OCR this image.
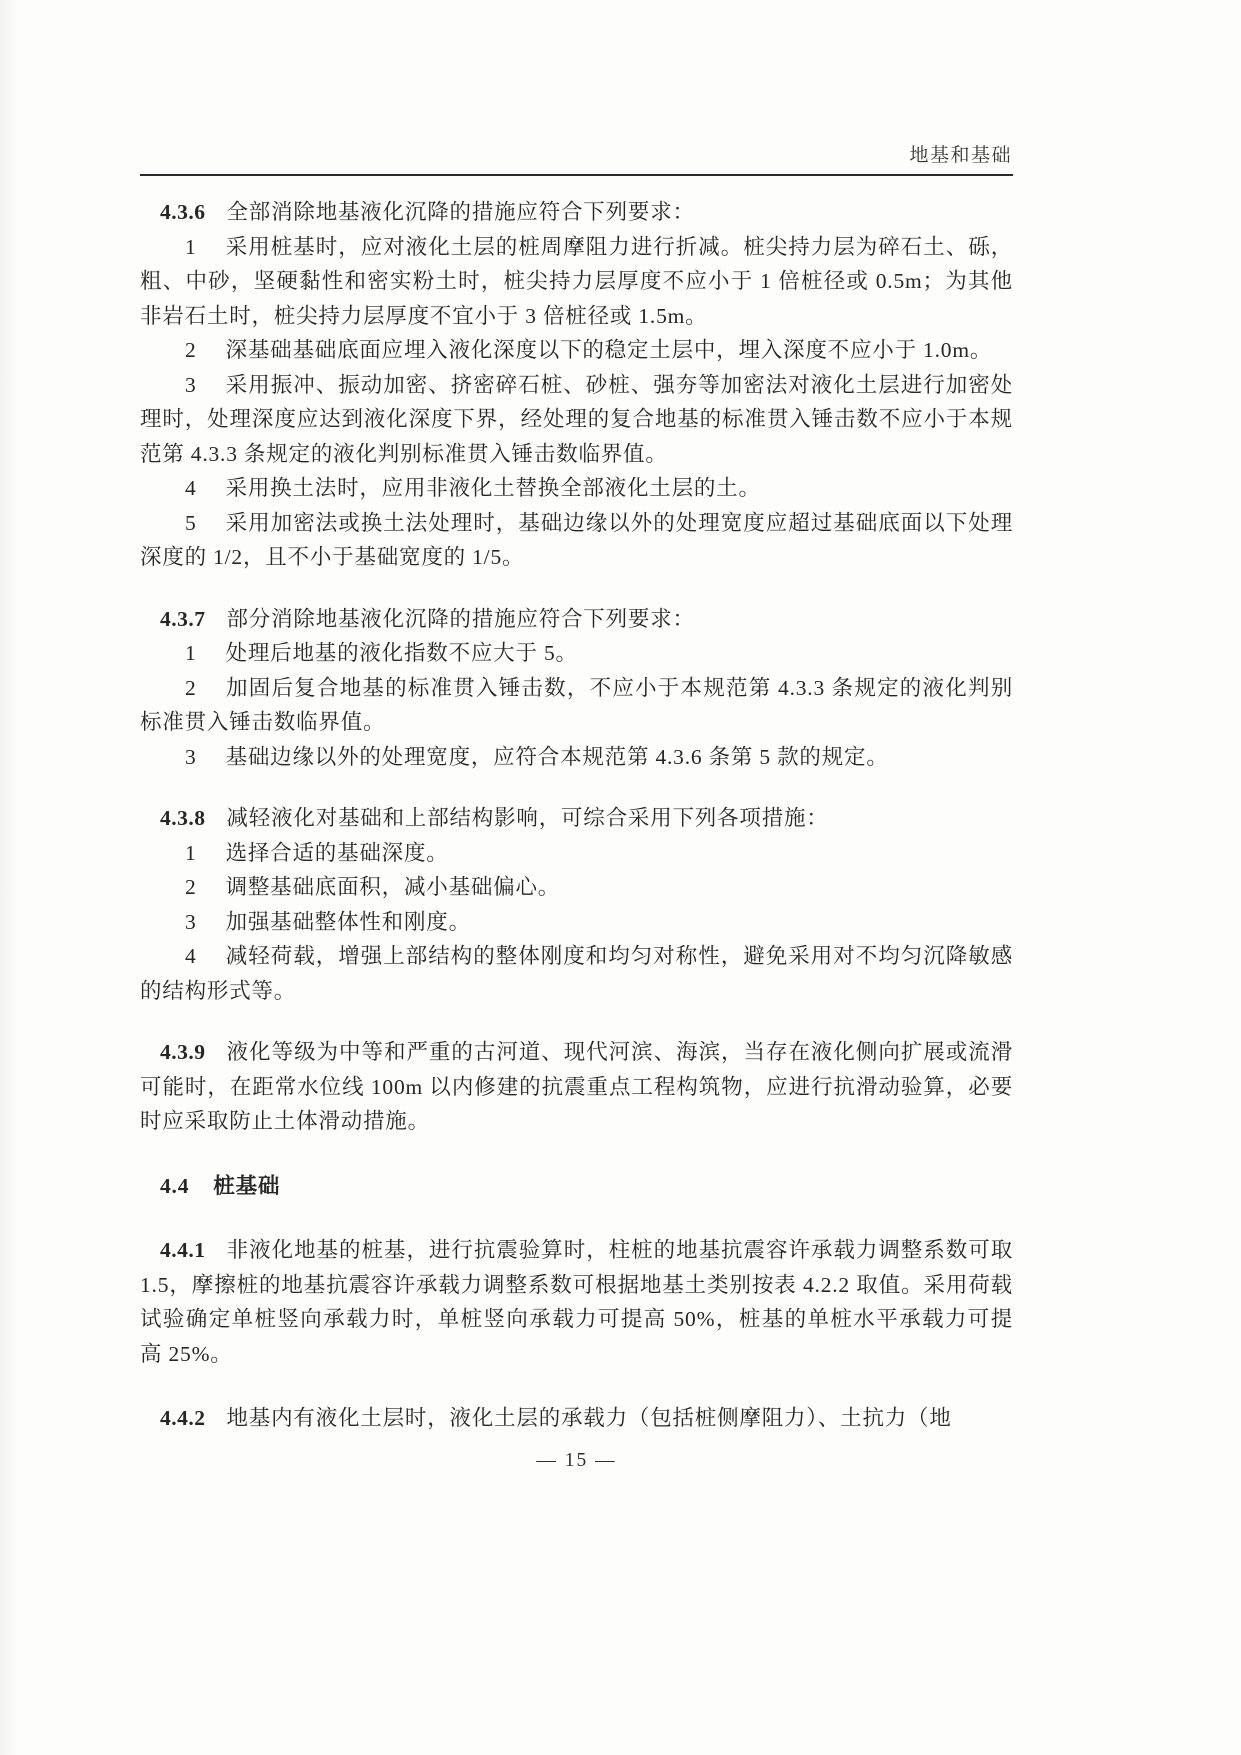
地基和基础

4.3.6 全部消除地基液化沉降的措施应符合下列要求：

1 采用桩基时，应对液化土层的桩周摩阻力进行折减。桩尖持力层为碎石土、砾，粗、中砂，坚硬黏性和密实粉土时，桩尖持力层厚度不应小于 1 倍桩径或 0.5m；为其他非岩石土时，桩尖持力层厚度不宜小于 3 倍桩径或 1.5m。

2 深基础基础底面应埋入液化深度以下的稳定土层中，埋入深度不应小于 1.0m。

3 采用振冲、振动加密、挤密碎石桩、砂桩、强夯等加密法对液化土层进行加密处理时，处理深度应达到液化深度下界，经处理的复合地基的标准贯入锤击数不应小于本规范第 4.3.3 条规定的液化判别标准贯入锤击数临界值。

4 采用换土法时，应用非液化土替换全部液化土层的土。

5 采用加密法或换土法处理时，基础边缘以外的处理宽度应超过基础底面以下处理深度的 1/2，且不小于基础宽度的 1/5。

4.3.7 部分消除地基液化沉降的措施应符合下列要求：

1 处理后地基的液化指数不应大于 5。

2 加固后复合地基的标准贯入锤击数，不应小于本规范第 4.3.3 条规定的液化判别标准贯入锤击数临界值。

3 基础边缘以外的处理宽度，应符合本规范第 4.3.6 条第 5 款的规定。

4.3.8 减轻液化对基础和上部结构影响，可综合采用下列各项措施：

1 选择合适的基础深度。

2 调整基础底面积，减小基础偏心。

3 加强基础整体性和刚度。

4 减轻荷载，增强上部结构的整体刚度和均匀对称性，避免采用对不均匀沉降敏感的结构形式等。

4.3.9 液化等级为中等和严重的古河道、现代河滨、海滨，当存在液化侧向扩展或流滑可能时，在距常水位线 100m 以内修建的抗震重点工程构筑物，应进行抗滑动验算，必要时应采取防止土体滑动措施。

4.4 桩基础

4.4.1 非液化地基的桩基，进行抗震验算时，柱桩的地基抗震容许承载力调整系数可取 1.5，摩擦桩的地基抗震容许承载力调整系数可根据地基土类别按表 4.2.2 取值。采用荷载试验确定单桩竖向承载力时，单桩竖向承载力可提高 50%，桩基的单桩水平承载力可提高 25%。

4.4.2 地基内有液化土层时，液化土层的承载力（包括桩侧摩阻力）、土抗力（地

— 15 —
